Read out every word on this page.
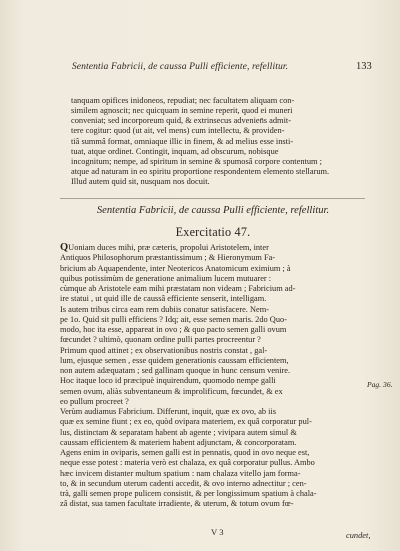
Sententia Fabricii, de caussa Pulli efficiente, refellitur.	133
tanquam opifices inidoneos, repudiat; nec facultatem aliquam con-
similem agnoscit; nec quicquam in semine reperit, quod ei muneri
conveniat; sed incorporeum quid, & extrinsecus advenien̄s admit-
tere cogitur: quod (ut ait, vel mens) cum intellectu, & providen-
tiâ summâ format, omniaque illic in finem, & ad melius esse insti-
tuat, atque ordinet. Contingit, inquam, ad obscurum, nobisque
incognitum; nempe, ad spiritum in semine & spumosâ corpore contentum ;
atque ad naturam in eo spiritu proportione respondentem elemento stellarum.
Illud autem quid sit, nusquam nos docuit.
Sententia Fabricii, de caussa Pulli efficiente, refellitur.
Exercitatio 47.
QUoniam duces mihi, præ cæteris, propolui Aristotelem, inter
Antiquos Philosophorum præstantissimum ; & Hieronymum Fa-
bricium ab Aquapendente, inter Neotericos Anatomicum eximium ; à
quibus potissimùm de generatione animalium lucem mutuarer :
cùmque ab Aristotele eam mihi præstatam non videam ; Fabricium ad-
ire statui , ut quid ille de caussâ efficiente senserit, intelligam.
Is autem tribus circa eam rem dubiis conatur satisfacere. Nem-
pe 1o. Quid sit pulli efficiens ? Idq; ait, esse semen maris. 2do Quo-
modo, hoc ita esse, appareat in ovo ; & quo pacto semen galli ovum
fœcundet ? ultimò, quonam ordine pulli partes procreentur ?
Primum quod attinet ; ex observationibus nostris constat , gal-
lum, ejusque semen , esse quidem generationis caussam efficientem,
non autem adæquatam ; sed gallinam quoque in hunc censum venire.
Hoc itaque loco id præcipuè inquirendum, quomodo nempe galli
semen ovum, aliàs subventaneum & improlificum, fœcundet, & ex
eo pullum procreet ?
Verùm audiamus Fabricium. Differunt, inquit, quæ ex ovo, ab iis
quæ ex semine fiunt ; ex eo, quòd ovipara materiem, ex quâ corporatur pul-
lus, distinctam & separatam habent ab agente ; vivipara autem simul &
caussam efficientem & materiem habent adjunctam, & concorporatam.
Agens enim in oviparis, semen galli est in pennatis, quod in ovo neque est,
neque esse potest : materia verò est chalaza, ex quâ corporatur pullus. Ambo
hæc invicem distanter multum spatium : nam chalaza vitello jam forma-
to, & in secundum uterum cadenti accedit, & ovo interno adnectitur ; cen-
trà, galli semen prope pulicem consistit, & per longissimum spatium à chala-
zâ distat, sua tamen facultate irradiente, & uterum, & totum ovum fœ-
Pag. 36.
V 3	cundet,
